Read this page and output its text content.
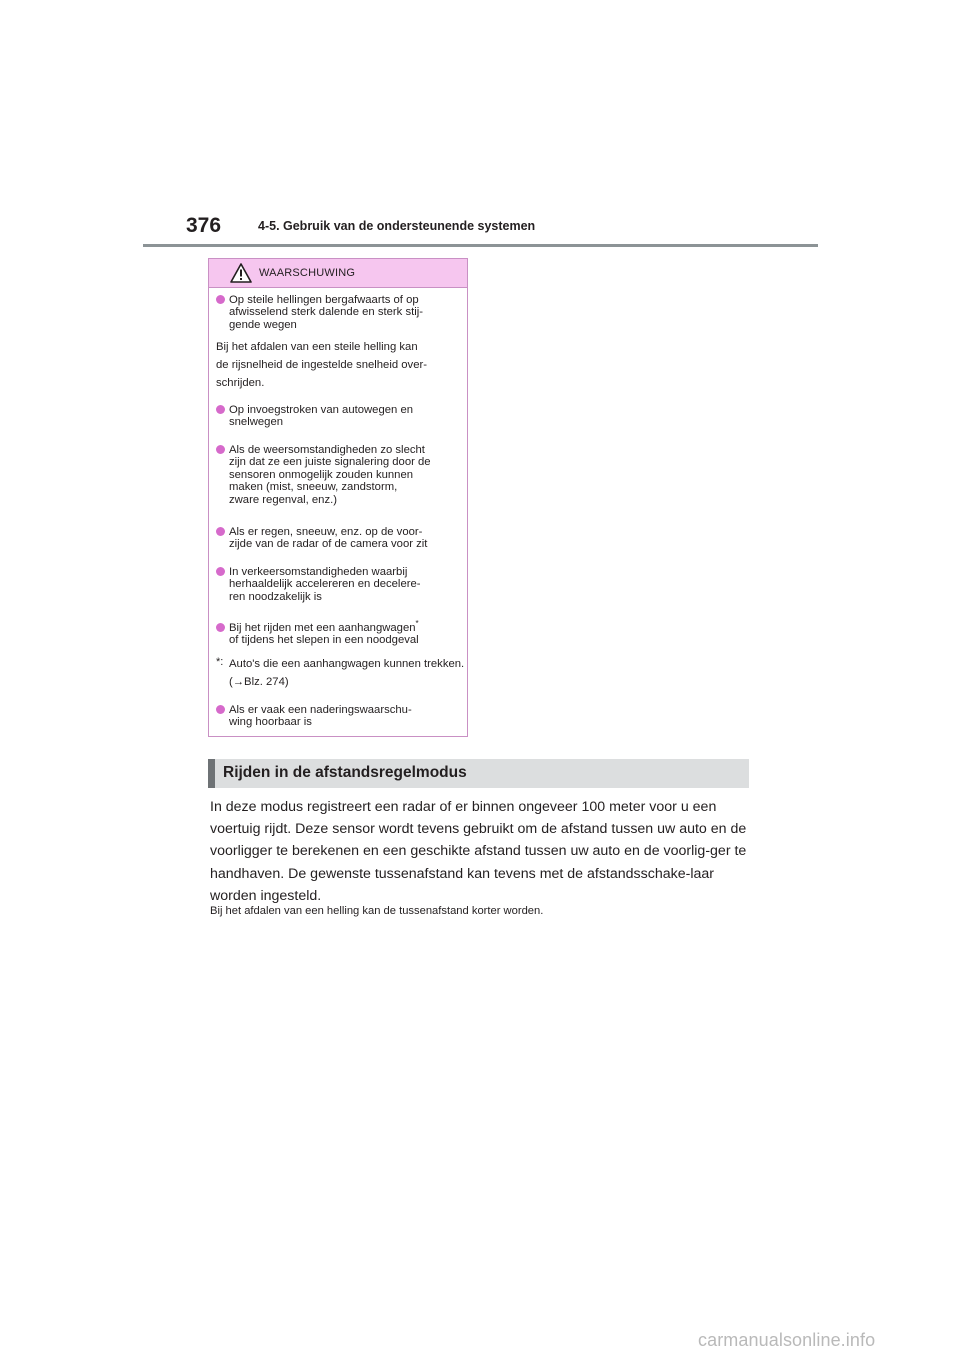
376	4-5. Gebruik van de ondersteunende systemen
WAARSCHUWING
Op steile hellingen bergafwaarts of op
afwisselend sterk dalende en sterk stij-
gende wegen
Bij het afdalen van een steile helling kan
de rijsnelheid de ingestelde snelheid over-
schrijden.
Op invoegstroken van autowegen en
snelwegen
Als de weersomstandigheden zo slecht
zijn dat ze een juiste signalering door de
sensoren onmogelijk zouden kunnen
maken (mist, sneeuw, zandstorm,
zware regenval, enz.)
Als er regen, sneeuw, enz. op de voor-
zijde van de radar of de camera voor zit
In verkeersomstandigheden waarbij
herhaaldelijk accelereren en decelere-
ren noodzakelijk is
Bij het rijden met een aanhangwagen*
of tijdens het slepen in een noodgeval
*: Auto's die een aanhangwagen kunnen trekken. (→Blz. 274)
Als er vaak een naderingswaarschu-
wing hoorbaar is
Rijden in de afstandsregelmodus
In deze modus registreert een radar of er binnen ongeveer 100 meter voor u een voertuig rijdt. Deze sensor wordt tevens gebruikt om de afstand tussen uw auto en de voorligger te berekenen en een geschikte afstand tussen uw auto en de voorlig-ger te handhaven. De gewenste tussenafstand kan tevens met de afstandsschake-laar worden ingesteld.
Bij het afdalen van een helling kan de tussenafstand korter worden.
carmanualsonline.info
